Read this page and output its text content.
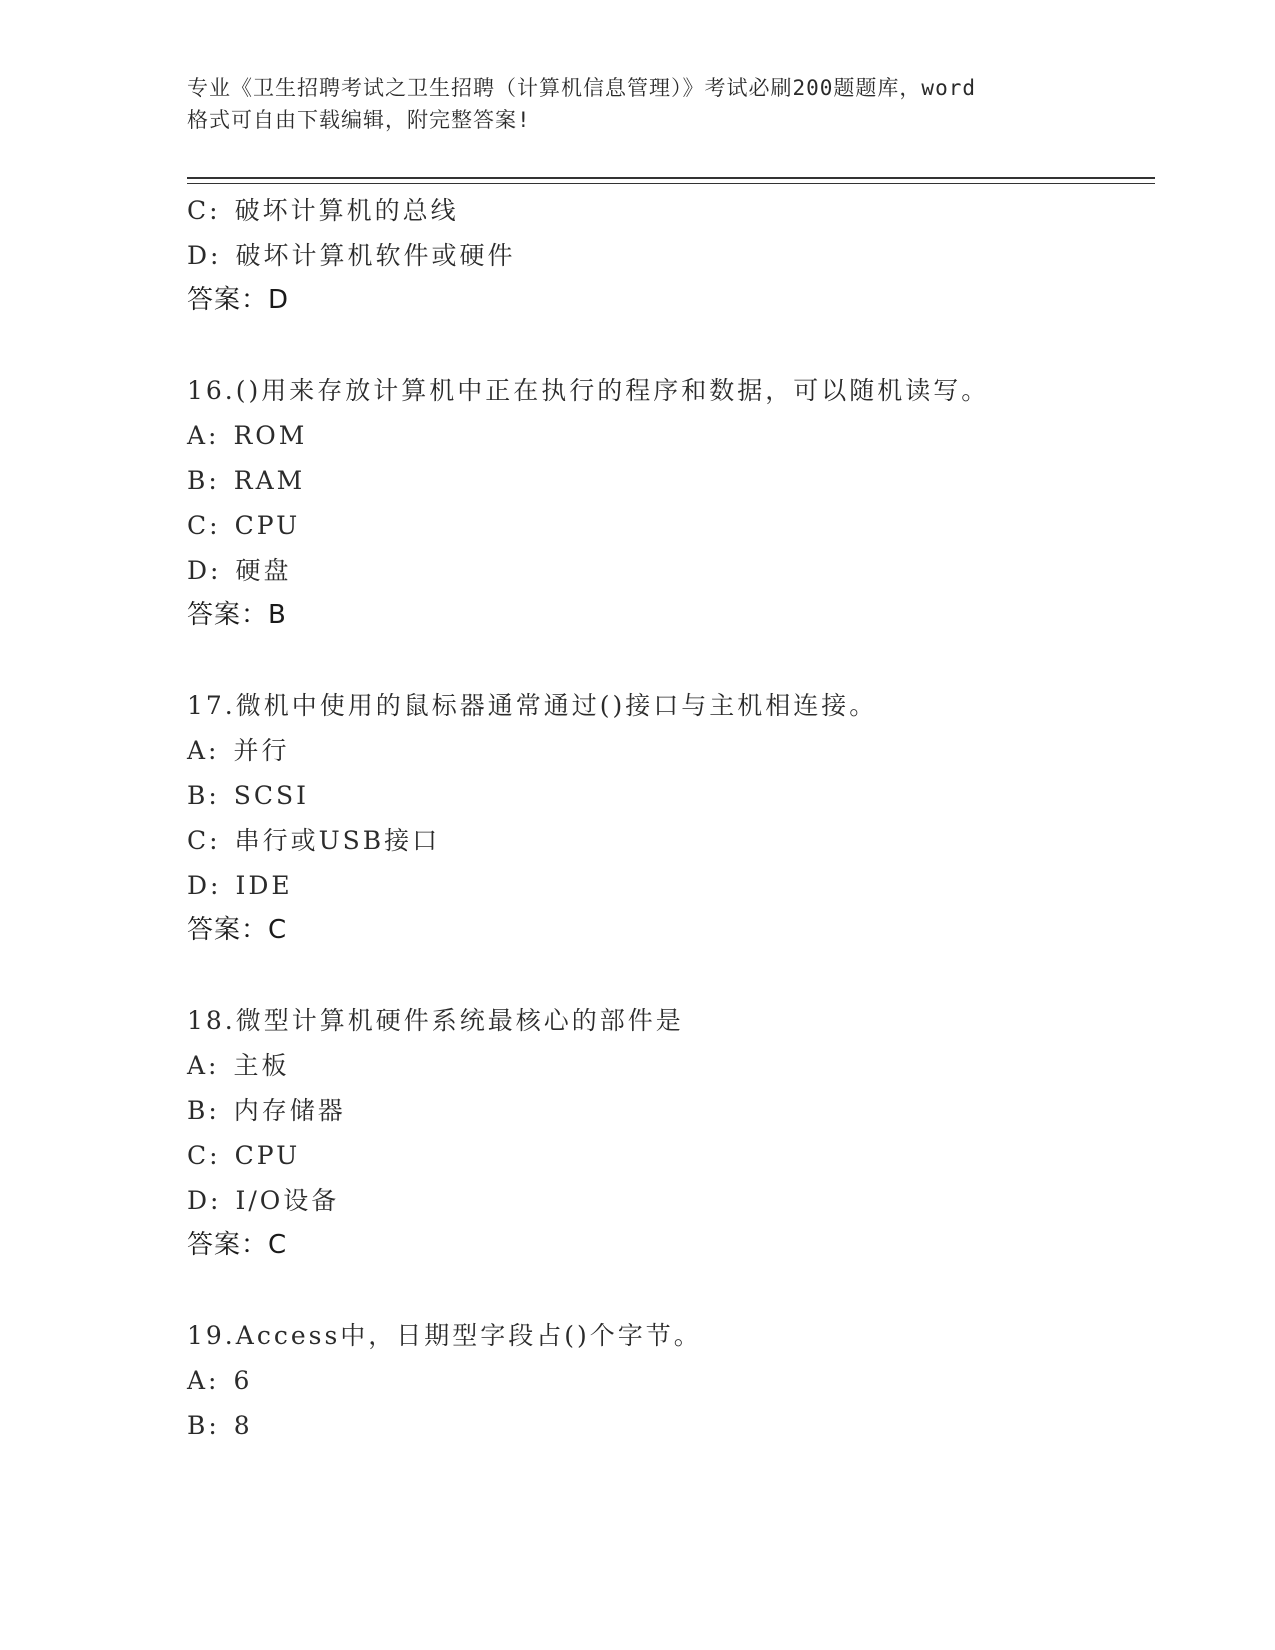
专业《卫生招聘考试之卫生招聘（计算机信息管理）》考试必刷200题题库，word
格式可自由下载编辑，附完整答案!
C: 破坏计算机的总线
D: 破坏计算机软件或硬件
答案：D
16.()用来存放计算机中正在执行的程序和数据，可以随机读写。
A: ROM
B: RAM
C: CPU
D: 硬盘
答案：B
17.微机中使用的鼠标器通常通过()接口与主机相连接。
A: 并行
B: SCSI
C: 串行或USB接口
D: IDE
答案：C
18.微型计算机硬件系统最核心的部件是
A: 主板
B: 内存储器
C: CPU
D: I/O设备
答案：C
19.Access中，日期型字段占()个字节。
A: 6
B: 8
